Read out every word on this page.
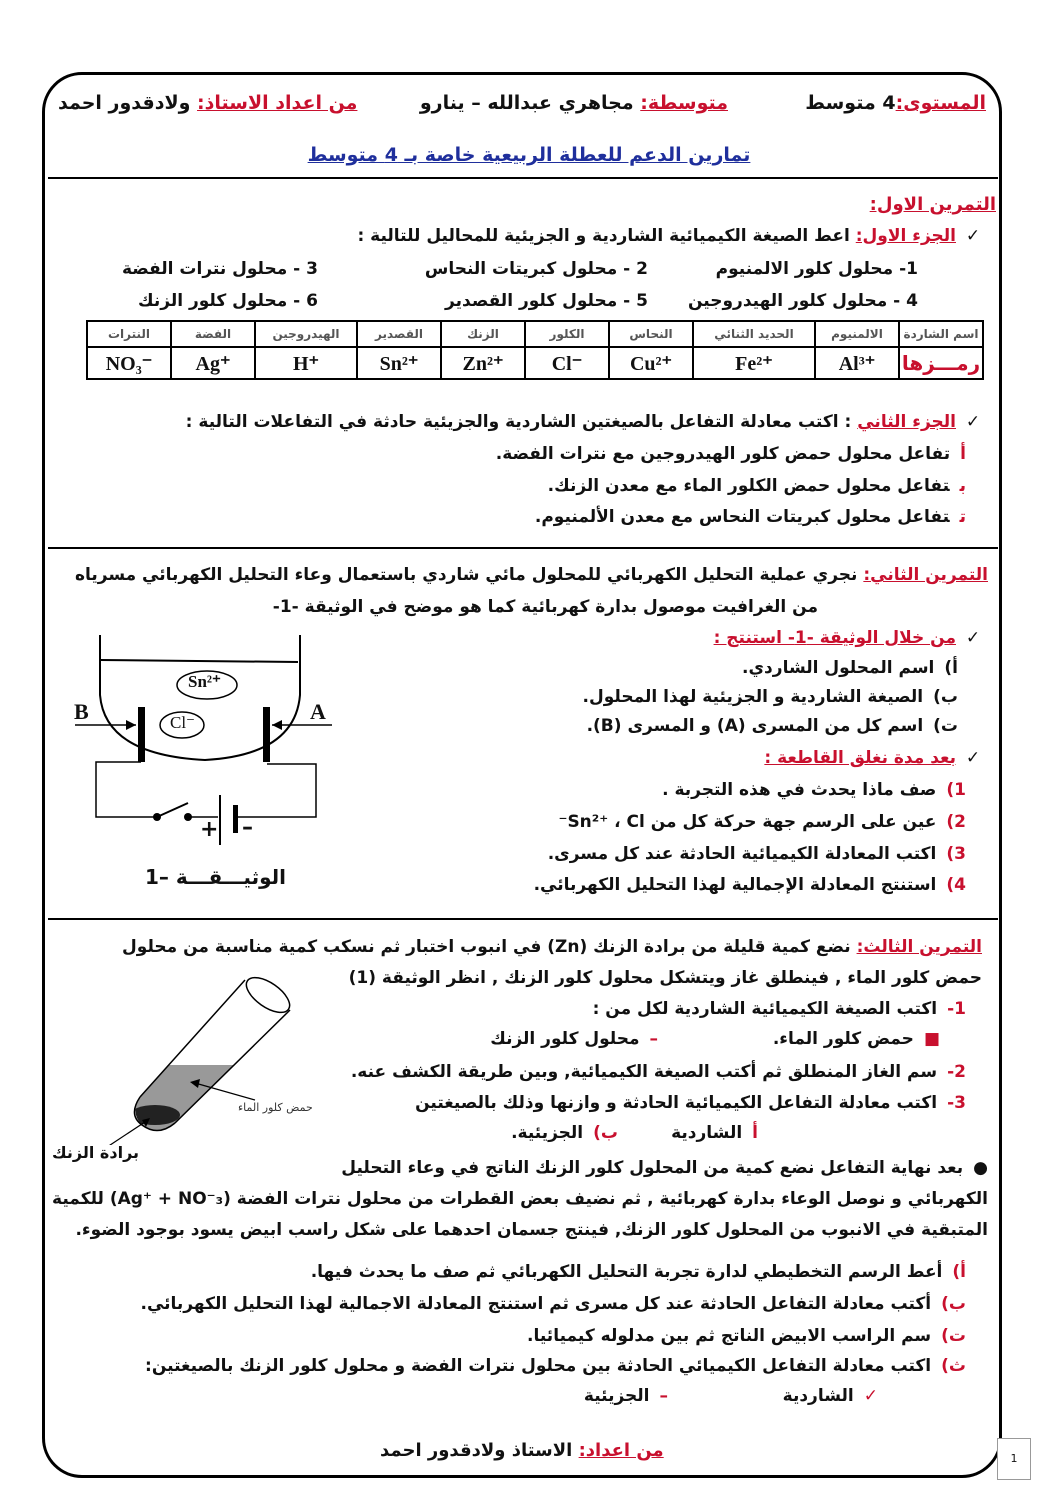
المستوى:4 متوسط
متوسطة: مجاهري عبدالله – ينارو
من اعداد الاستاذ: ولادقدور احمد
تمارين الدعم للعطلة الربيعية خاصة بـ 4 متوسط
التمرين الاول:
✓الجزء الاول: اعط الصيغة الكيميائية الشاردية و الجزيئية للمحاليل للتالية :
1- محلول كلور الالمنيوم
2 - محلول كبريتات النحاس
3 - محلول نترات الفضة
4 - محلول كلور الهيدروجين
5 - محلول كلور القصدير
6 - محلول كلور الزنك
اسم الشاردة	الالمنيوم	الحديد الثنائي	النحاس	الكلور	الزنك	القصدير	الهيدروجين	الفضة	النترات
رمـــزها	Al³⁺	Fe²⁺	Cu²⁺	Cl⁻	Zn²⁺	Sn²⁺	H⁺	Ag⁺	NO₃⁻
✓الجزء الثاني : اكتب معادلة التفاعل بالصيغتين الشاردية والجزيئية حادثة في التفاعلات التالية :
أتفاعل محلول حمض كلور الهيدروجين مع نترات الفضة.
بتفاعل محلول حمض الكلور الماء مع معدن الزنك.
تتفاعل محلول كبريتات النحاس مع معدن الألمنيوم.
التمرين الثاني: نجري عملية التحليل الكهربائي للمحلول مائي شاردي باستعمال وعاء التحليل الكهربائي مسرياه
من الغرافيت موصول بدارة كهربائية كما هو موضح في الوثيقة -1-
✓من خلال الوثيقة -1- استنتج :
أ)اسم المحلول الشاردي.
ب)الصيغة الشاردية و الجزيئية لهذا المحلول.
ت)اسم كل من المسرى (A) و المسرى (B).
✓بعد مدة نغلق القاطعة :
1)صف ماذا يحدث في هذه التجربة .
2)عين على الرسم جهة حركة كل من Sn²⁺ ، Cl⁻
3)اكتب المعادلة الكيميائية الحادثة عند كل مسرى.
4)استنتج المعادلة الإجمالية لهذا التحليل الكهربائي.
Sn²⁺
Cl⁻
B	A
+ –
الوثيـــقـــة –1
التمرين الثالث: نضع كمية قليلة من برادة الزنك (Zn) في انبوب اختبار ثم نسكب كمية مناسبة من محلول
حمض كلور الماء , فينطلق غاز ويتشكل محلول كلور الزنك , انظر الوثيقة (1)
1-اكتب الصيغة الكيميائية الشاردية لكل من :
■حمض كلور الماء.
–محلول كلور الزنك
2-سم الغاز المنطلق ثم أكتب الصيغة الكيميائية, وبين طريقة الكشف عنه.
3-اكتب معادلة التفاعل الكيميائية الحادثة و وازنها وذلك بالصيغتين
أالشاردية
ب)الجزيئية.
●بعد نهاية التفاعل نضع كمية من المحلول كلور الزنك الناتج في وعاء التحليل
الكهربائي و نوصل الوعاء بدارة كهربائية , ثم نضيف بعض القطرات من محلول نترات الفضة (Ag⁺ + NO⁻₃) للكمية
المتبقية في الانبوب من المحلول كلور الزنك, فينتج جسمان احدهما على شكل راسب ابيض يسود بوجود الضوء.
أ)أعط الرسم التخطيطي لدارة تجربة التحليل الكهربائي ثم صف ما يحدث فيها.
ب)أكتب معادلة التفاعل الحادثة عند كل مسرى ثم استنتج المعادلة الاجمالية لهذا التحليل الكهربائي.
ت)سم الراسب الابيض الناتج ثم بين مدلوله كيميائيا.
ث)اكتب معادلة التفاعل الكيميائي الحادثة بين محلول نترات الفضة و محلول كلور الزنك بالصيغتين:
✓الشاردية
–الجزيئية
حمض كلور الماء
برادة الزنك
من اعداد: الاستاذ ولادقدور احمد	1
